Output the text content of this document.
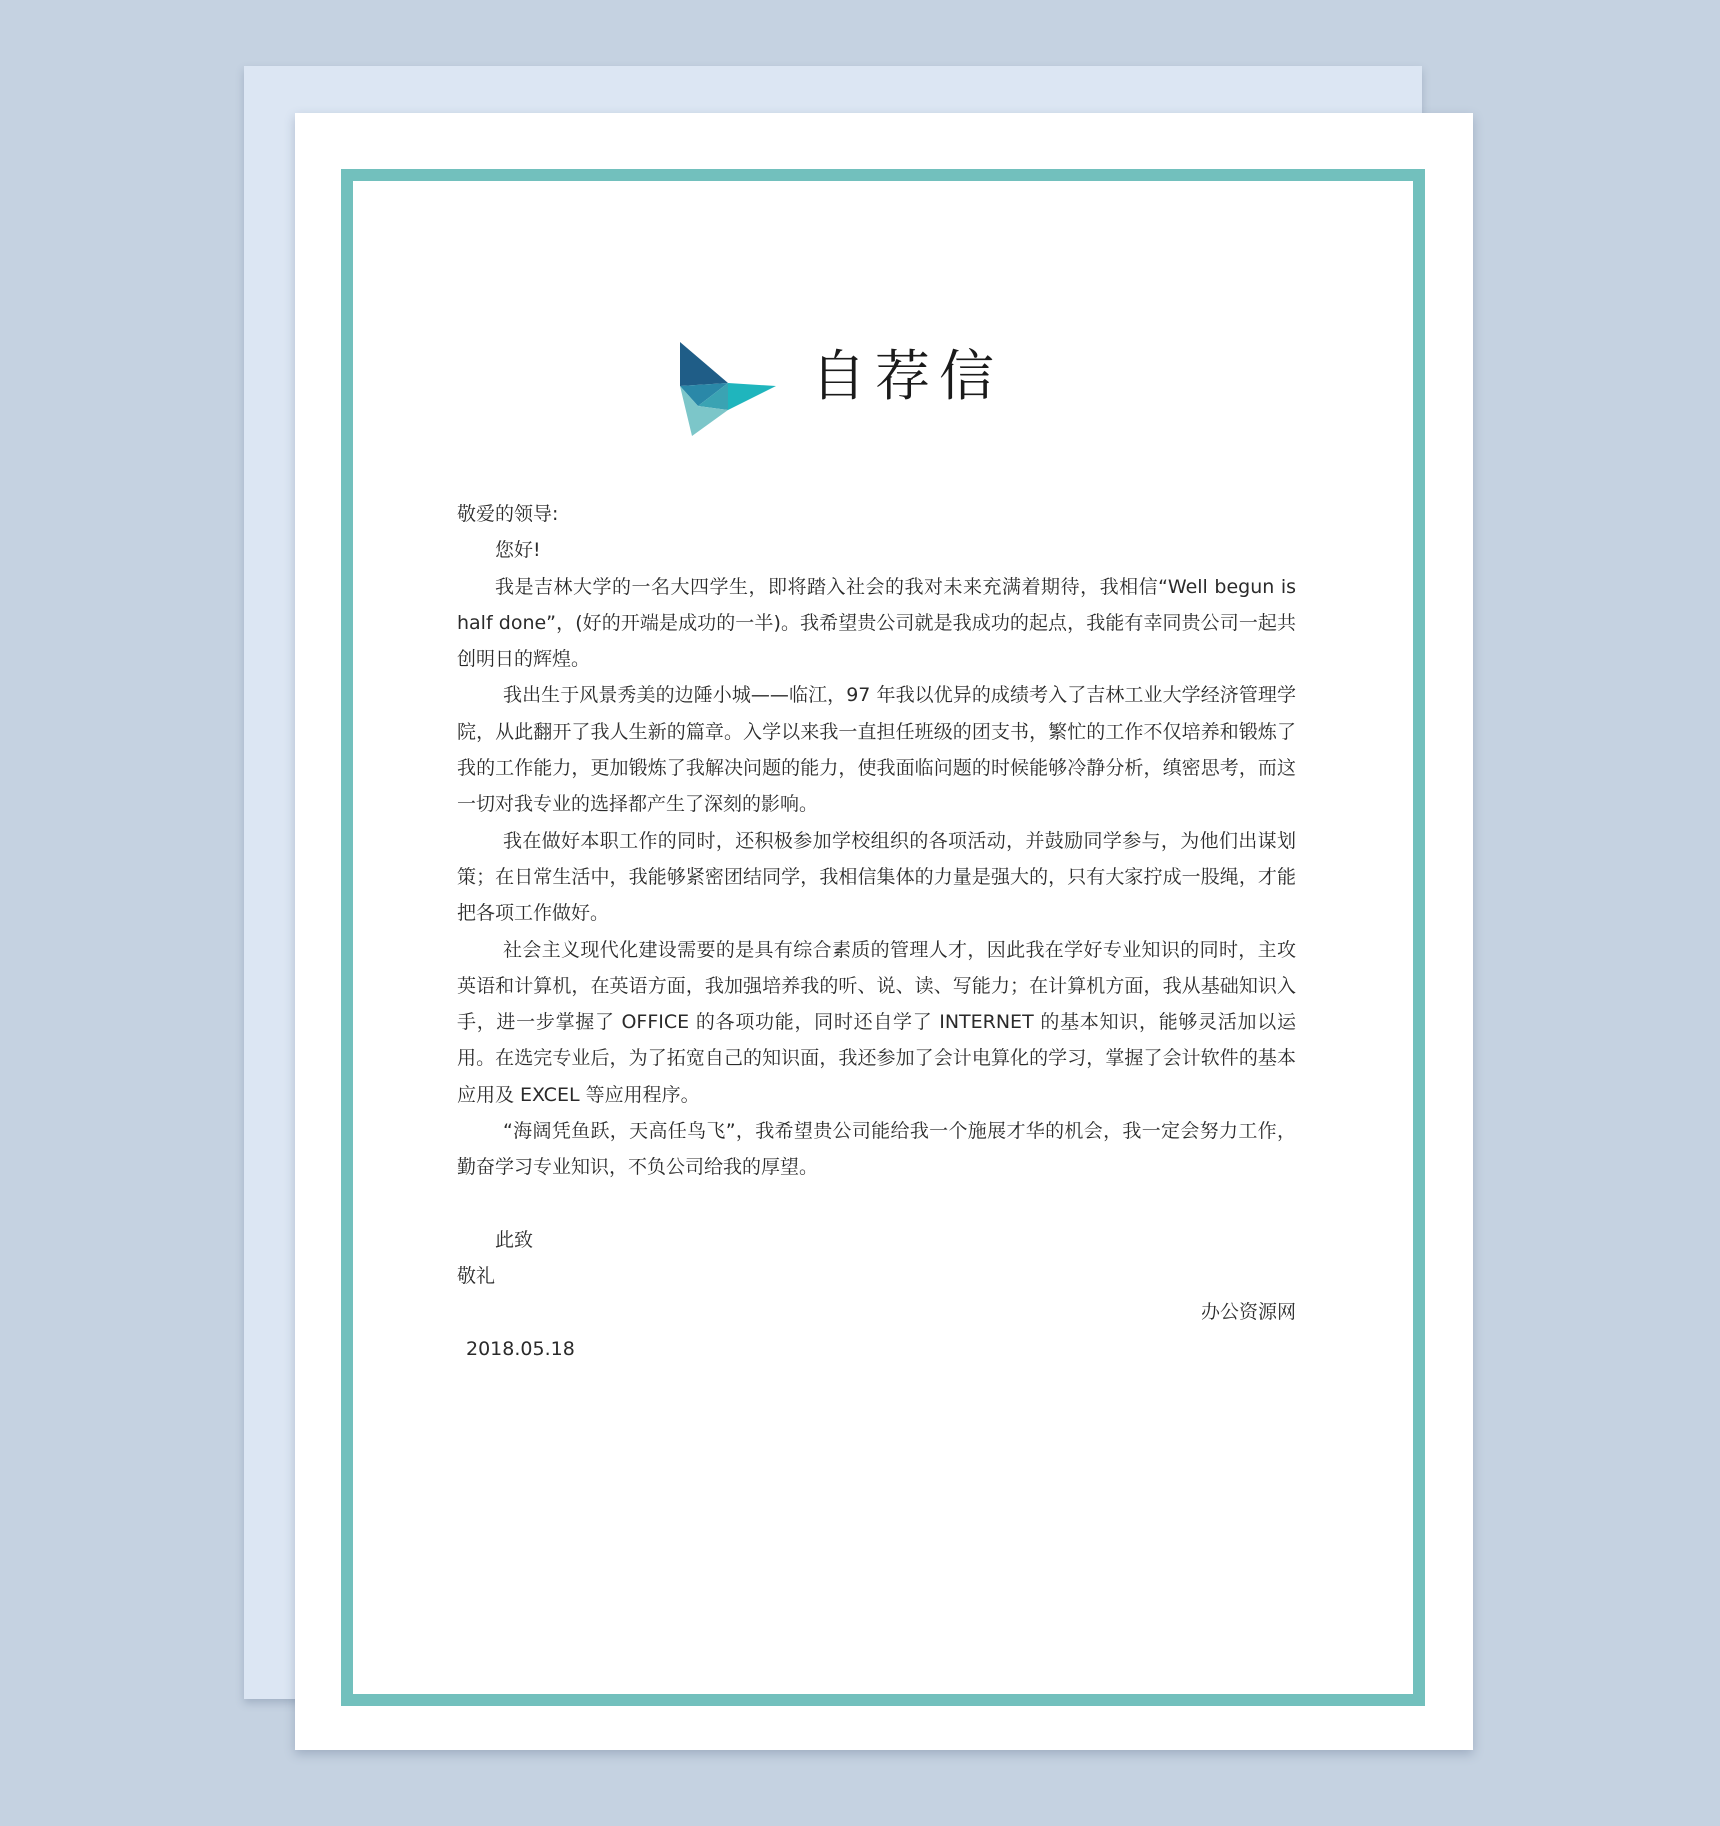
自荐信

敬爱的领导:

您好!

我是吉林大学的一名大四学生，即将踏入社会的我对未来充满着期待，我相信“Well begun is half done”，(好的开端是成功的一半)。我希望贵公司就是我成功的起点，我能有幸同贵公司一起共创明日的辉煌。

我出生于风景秀美的边陲小城——临江，97 年我以优异的成绩考入了吉林工业大学经济管理学院，从此翻开了我人生新的篇章。入学以来我一直担任班级的团支书，繁忙的工作不仅培养和锻炼了我的工作能力，更加锻炼了我解决问题的能力，使我面临问题的时候能够冷静分析，缜密思考，而这一切对我专业的选择都产生了深刻的影响。

我在做好本职工作的同时，还积极参加学校组织的各项活动，并鼓励同学参与，为他们出谋划策；在日常生活中，我能够紧密团结同学，我相信集体的力量是强大的，只有大家拧成一股绳，才能把各项工作做好。

社会主义现代化建设需要的是具有综合素质的管理人才，因此我在学好专业知识的同时，主攻英语和计算机，在英语方面，我加强培养我的听、说、读、写能力；在计算机方面，我从基础知识入手，进一步掌握了 OFFICE 的各项功能，同时还自学了 INTERNET 的基本知识，能够灵活加以运用。在选完专业后，为了拓宽自己的知识面，我还参加了会计电算化的学习，掌握了会计软件的基本应用及 EXCEL 等应用程序。

“海阔凭鱼跃，天高任鸟飞”，我希望贵公司能给我一个施展才华的机会，我一定会努力工作，勤奋学习专业知识，不负公司给我的厚望。

此致

敬礼

办公资源网

2018.05.18
